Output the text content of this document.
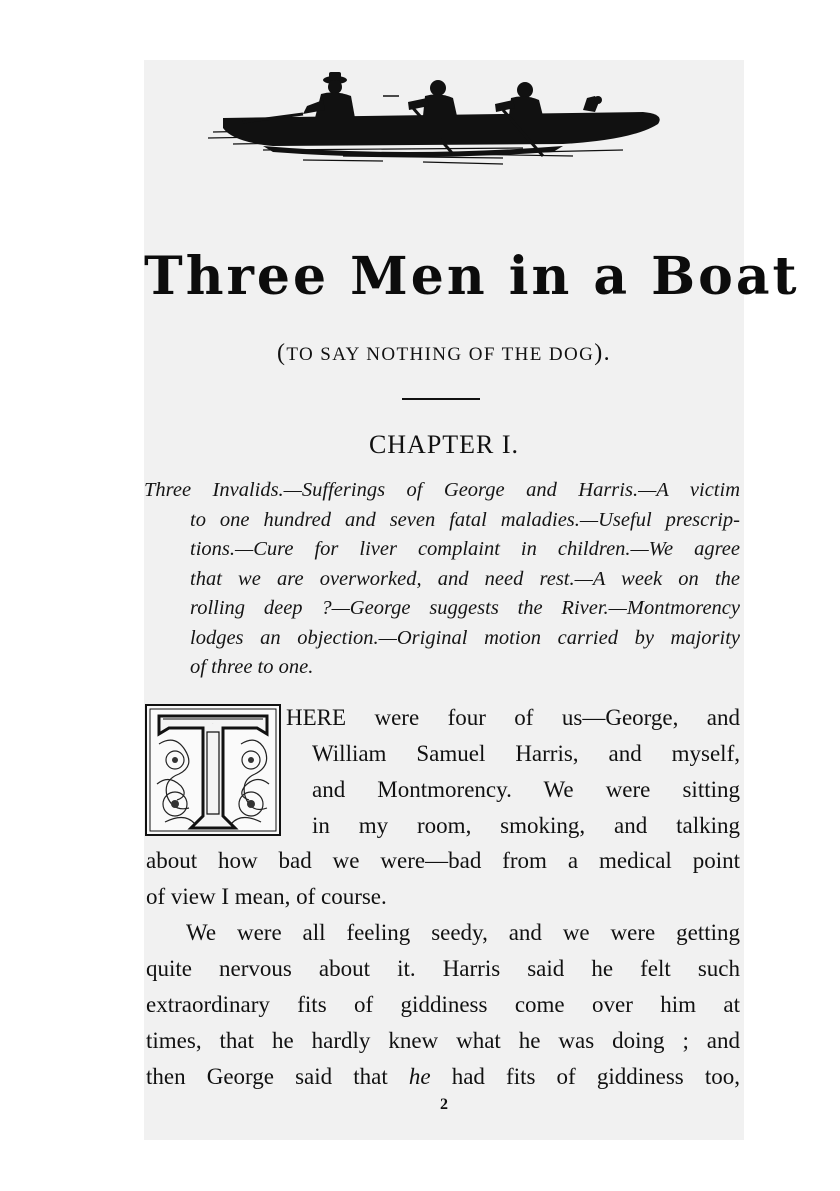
Three Men in a Boat
(TO SAY NOTHING OF THE DOG).
CHAPTER I.
Three Invalids.—Sufferings of George and Harris.—A victim
to one hundred and seven fatal maladies.—Useful prescrip-
tions.—Cure for liver complaint in children.—We agree
that we are overworked, and need rest.—A week on the
rolling deep ?—George suggests the River.—Montmorency
lodges an objection.—Original motion carried by majority
of three to one.
T	HERE were four of us—George, and
William Samuel Harris, and myself,
and Montmorency. We were sitting
in my room, smoking, and talking
about how bad we were—bad from a medical point
of view I mean, of course.
We were all feeling seedy, and we were getting
quite nervous about it. Harris said he felt such
extraordinary fits of giddiness come over him at
times, that he hardly knew what he was doing ; and
then George said that he had fits of giddiness too,
2
